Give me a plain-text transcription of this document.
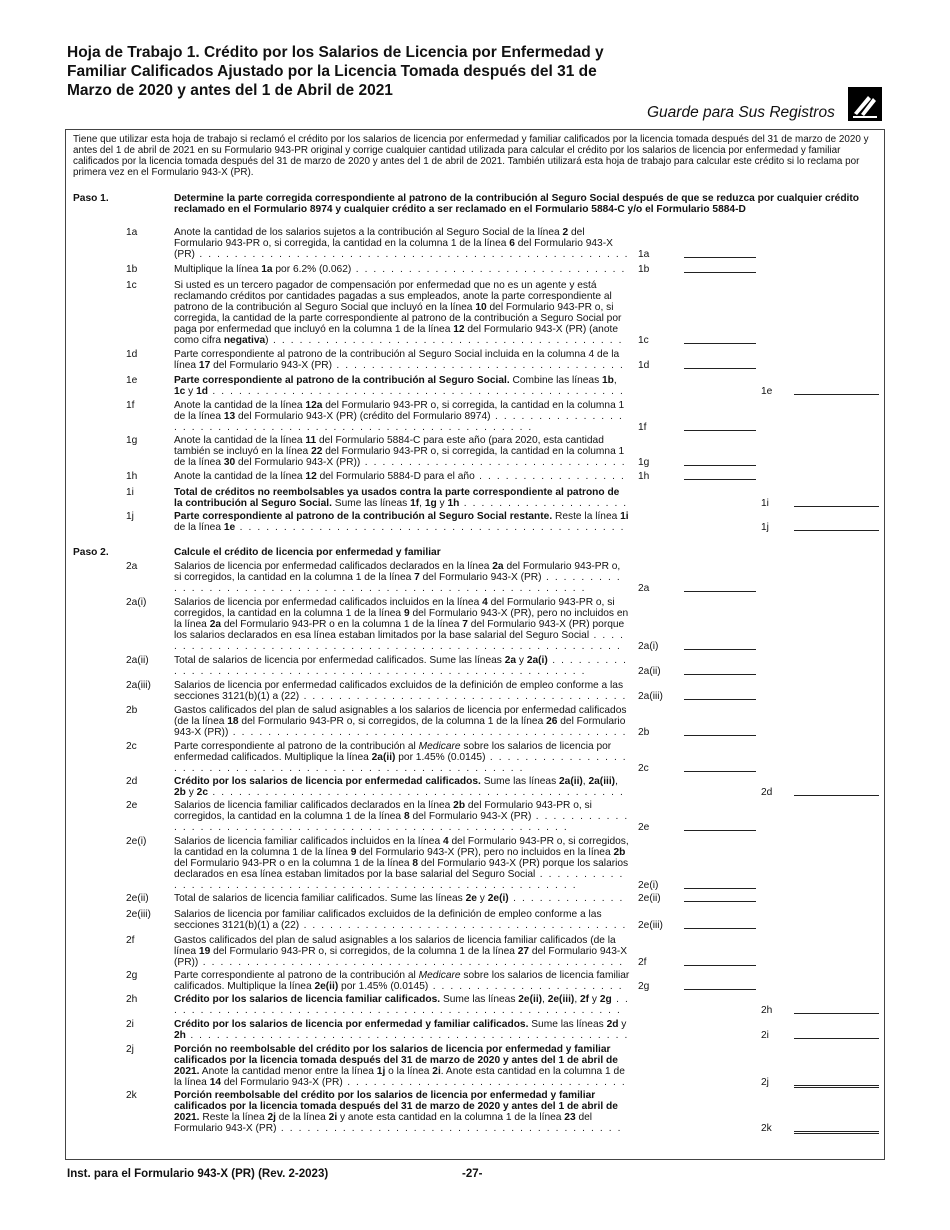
Hoja de Trabajo 1. Crédito por los Salarios de Licencia por Enfermedad y Familiar Calificados Ajustado por la Licencia Tomada después del 31 de Marzo de 2020 y antes del 1 de Abril de 2021
Guarde para Sus Registros
Tiene que utilizar esta hoja de trabajo si reclamó el crédito por los salarios de licencia por enfermedad y familiar calificados por la licencia tomada después del 31 de marzo de 2020 y antes del 1 de abril de 2021 en su Formulario 943-PR original y corrige cualquier cantidad utilizada para calcular el crédito por los salarios de licencia por enfermedad y familiar calificados por la licencia tomada después del 31 de marzo de 2020 y antes del 1 de abril de 2021. También utilizará esta hoja de trabajo para calcular este crédito si lo reclama por primera vez en el Formulario 943-X (PR).
Paso 1.	Determine la parte corregida correspondiente al patrono de la contribución al Seguro Social después de que se reduzca por cualquier crédito reclamado en el Formulario 8974 y cualquier crédito a ser reclamado en el Formulario 5884-C y/o el Formulario 5884-D
Paso 2.	Calcule el crédito de licencia por enfermedad y familiar
1a	Anote la cantidad de los salarios sujetos a la contribución al Seguro Social de la línea 2 del Formulario 943-PR o, si corregida, la cantidad en la columna 1 de la línea 6 del Formulario 943-X (PR) . . . . . . . . . . . . . . . . . . . . . . . . . . . . . . . . . . . . . . . . . . . . . . . . . 1a
1b	Multiplique la línea 1a por 6.2% (0.062) . . . . . . . . . . . . . . . . . . . . . . . . . . . . . . .	1b
1c	Si usted es un tercero pagador de compensación por enfermedad que no es un agente y está reclamando créditos por cantidades pagadas a sus empleados, anote la parte correspondiente al patrono de la contribución al Seguro Social que incluyó en la línea 10 del Formulario 943-PR o, si corregida, la cantidad de la parte correspondiente al patrono de la contribución a Seguro Social por paga por enfermedad que incluyó en la columna 1 de la línea 12 del Formulario 943-X (PR) (anote como cifra negativa) . . . . . . . . . . . . . . . . . . . . . . . . . . . . . . . . . . . . . . . .	1c
1d	Parte correspondiente al patrono de la contribución al Seguro Social incluida en la columna 4 de la línea 17 del Formulario 943-X (PR) . . . . . . . . . . . . . . . . . . . . . . . . . . . . . . . . .	1d
1e	Parte correspondiente al patrono de la contribución al Seguro Social. Combine las líneas 1b, 1c y 1d . . . . . . . . . . . . . . . . . . . . . . . . . . . . . . . . . . . . . . . . . . . . . . .	1e
1f	Anote la cantidad de la línea 12a del Formulario 943-PR o, si corregida, la cantidad en la columna 1 de la línea 13 del Formulario 943-X (PR) (crédito del Formulario 8974) . . . . . . . . . . . . . . . . . . . . . . . . . . . . . . . . . . . . . . . . . . . . . . . . . . . . . . . .	1f
1g	Anote la cantidad de la línea 11 del Formulario 5884-C para este año (para 2020, esta cantidad también se incluyó en la línea 22 del Formulario 943-PR o, si corregida, la cantidad en la columna 1 de la línea 30 del Formulario 943-X (PR)) . . . . . . . . . . . . . . . . . . . . . . . . . . . . . .	1g
1h	Anote la cantidad de la línea 12 del Formulario 5884-D para el año . . . . . . . . . . . . . . . . .	1h
1i	Total de créditos no reembolsables ya usados contra la parte correspondiente al patrono de la contribución al Seguro Social. Sume las líneas 1f, 1g y 1h . . . . . . . . . . . . . . . . . . .	1i
1j	Parte correspondiente al patrono de la contribución al Seguro Social restante. Reste la línea 1i de la línea 1e . . . . . . . . . . . . . . . . . . . . . . . . . . . . . . . . . . . . . . . . . . . .	1j
2a	Salarios de licencia por enfermedad calificados declarados en la línea 2a del Formulario 943-PR o, si corregidos, la cantidad en la columna 1 de la línea 7 del Formulario 943-X (PR) . . . . . . . . . . . . . . . . . . . . . . . . . . . . . . . . . . . . . . . . . . . . . . . . . . . . . . . .	2a
2a(i)	Salarios de licencia por enfermedad calificados incluidos en la línea 4 del Formulario 943-PR o, si corregidos, la cantidad en la columna 1 de la línea 9 del Formulario 943-X (PR), pero no incluidos en la línea 2a del Formulario 943-PR o en la columna 1 de la línea 7 del Formulario 943-X (PR) porque los salarios declarados en esa línea estaban limitados por la base salarial del Seguro Social . . . . . . . . . . . . . . . . . . . . . . . . . . . . . . . . . . . . . . . . . . . . . . . . . . . . . . .	2a(i)
2a(ii) Total de salarios de licencia por enfermedad calificados. Sume las líneas 2a y 2a(i) . . . . . . . . . . . . . . . . . . . . . . . . . . . . . . . . . . . . . . . . . . . . . . . . . . . . . . . .	2a(ii)
2a(iii) Salarios de licencia por enfermedad calificados excluidos de la definición de empleo conforme a las secciones 3121(b)(1) a (22) . . . . . . . . . . . . . . . . . . . . . . . . . . . . . . . . . . . . . 2a(iii)
2b	Gastos calificados del plan de salud asignables a los salarios de licencia por enfermedad calificados (de la línea 18 del Formulario 943-PR o, si corregidos, de la columna 1 de la línea 26 del Formulario 943-X (PR)) . . . . . . . . . . . . . . . . . . . . . . . . . . . . . . . . . . . . . . . . . . . . . 2b
2c	Parte correspondiente al patrono de la contribución al Medicare sobre los salarios de licencia por enfermedad calificados. Multiplique la línea 2a(ii) por 1.45% (0.0145) . . . . . . . . . . . . . . . . . . . . . . . . . . . . . . . . . . . . . . . . . . . . . . . . . . . . . . . .	2c
2d	Crédito por los salarios de licencia por enfermedad calificados. Sume las líneas 2a(ii), 2a(iii), 2b y 2c . . . . . . . . . . . . . . . . . . . . . . . . . . . . . . . . . . . . . . . . . . . . . . .	2d
2e	Salarios de licencia familiar calificados declarados en la línea 2b del Formulario 943-PR o, si corregidos, la cantidad en la columna 1 de la línea 8 del Formulario 943-X (PR) . . . . . . . . . . . . . . . . . . . . . . . . . . . . . . . . . . . . . . . . . . . . . . . . . . . . . . . .	2e
2e(i)	Salarios de licencia familiar calificados incluidos en la línea 4 del Formulario 943-PR o, si corregidos, la cantidad en la columna 1 de la línea 9 del Formulario 943-X (PR), pero no incluidos en la línea 2b del Formulario 943-PR o en la columna 1 de la línea 8 del Formulario 943-X (PR) porque los salarios declarados en esa línea estaban limitados por la base salarial del Seguro Social . . . . . . . . . . . . . . . . . . . . . . . . . . . . . . . . . . . . . . . . . . . . . . . . . . . . . . . .	2e(i)
2e(ii) Total de salarios de licencia familiar calificados. Sume las líneas 2e y 2e(i) . . . . . . . . . . . . .	2e(ii)
2e(iii) Salarios de licencia por familiar calificados excluidos de la definición de empleo conforme a las secciones 3121(b)(1) a (22) . . . . . . . . . . . . . . . . . . . . . . . . . . . . . . . . . . . . . 2e(iii)
2f	Gastos calificados del plan de salud asignables a los salarios de licencia familiar calificados (de la línea 19 del Formulario 943-PR o, si corregidos, de la columna 1 de la línea 27 del Formulario 943-X (PR)) . . . . . . . . . . . . . . . . . . . . . . . . . . . . . . . . . . . . . . . . . . . . . . . .	2f
2g	Parte correspondiente al patrono de la contribución al Medicare sobre los salarios de licencia familiar calificados. Multiplique la línea 2e(ii) por 1.45% (0.0145) . . . . . . . . . . . . . . . . . . . . . .	2g
2h	Crédito por los salarios de licencia familiar calificados. Sume las líneas 2e(ii), 2e(iii), 2f y 2g . . . . . . . . . . . . . . . . . . . . . . . . . . . . . . . . . . . . . . . . . . . . . . . . . . . . .	2h
2i	Crédito por los salarios de licencia por enfermedad y familiar calificados. Sume las líneas 2d y 2h . . . . . . . . . . . . . . . . . . . . . . . . . . . . . . . . . . . . . . . . . . . . . . . . . .	2i
2j	Porción no reembolsable del crédito por los salarios de licencia por enfermedad y familiar calificados por la licencia tomada después del 31 de marzo de 2020 y antes del 1 de abril de 2021. Anote la cantidad menor entre la línea 1j o la línea 2i. Anote esta cantidad en la columna 1 de la línea 14 del Formulario 943-X (PR) . . . . . . . . . . . . . . . . . . . . . . . . . . . . . . . .	2j
2k	Porción reembolsable del crédito por los salarios de licencia por enfermedad y familiar calificados por la licencia tomada después del 31 de marzo de 2020 y antes del 1 de abril de 2021. Reste la línea 2j de la línea 2i y anote esta cantidad en la columna 1 de la línea 23 del Formulario 943-X (PR) . . . . . . . . . . . . . . . . . . . . . . . . . . . . . . . . . . . . . . .	2k
Inst. para el Formulario 943-X (PR) (Rev. 2-2023)	-27-
